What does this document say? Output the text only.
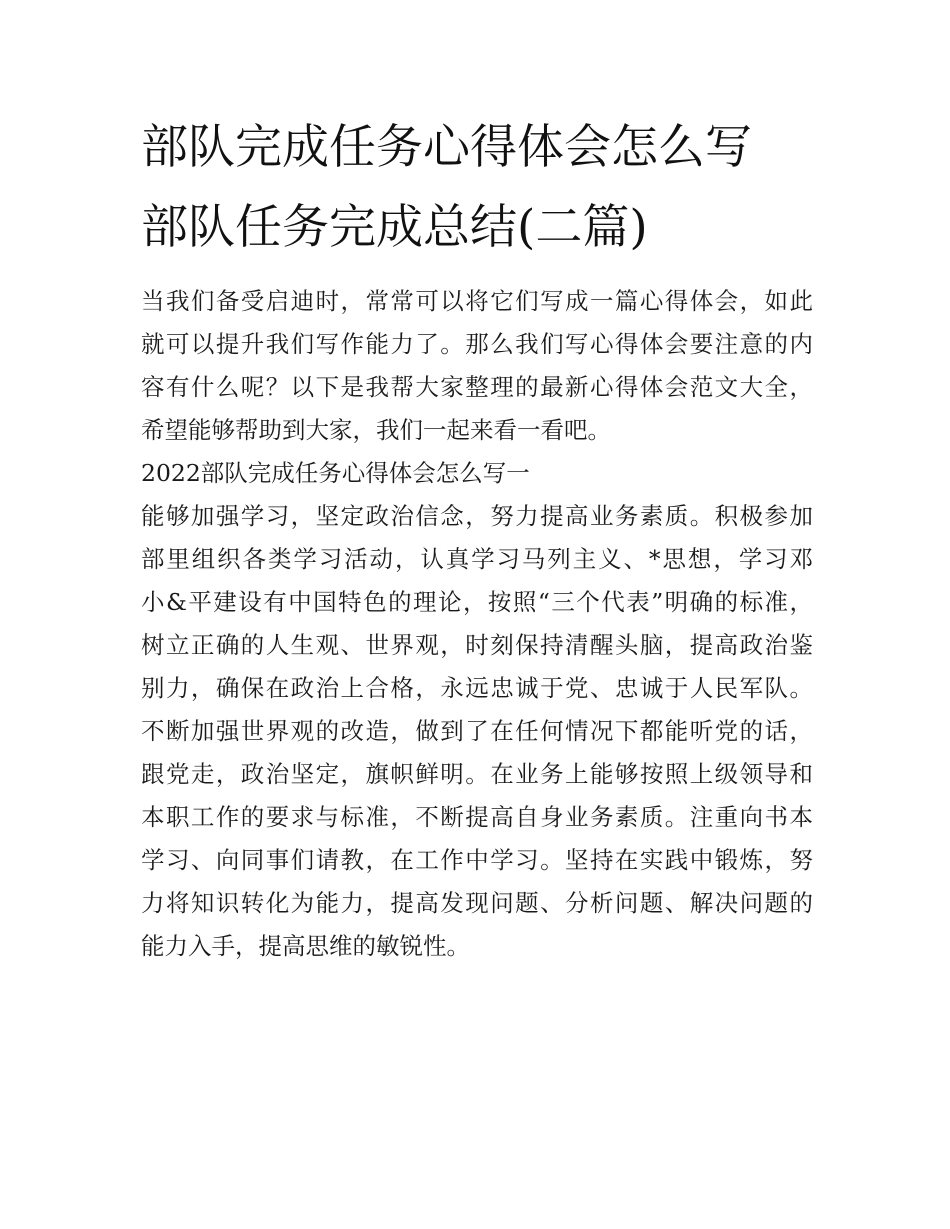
部队完成任务心得体会怎么写
部队任务完成总结(二篇)

当我们备受启迪时，常常可以将它们写成一篇心得体会，如此
就可以提升我们写作能力了。那么我们写心得体会要注意的内
容有什么呢？以下是我帮大家整理的最新心得体会范文大全，
希望能够帮助到大家，我们一起来看一看吧。

2022部队完成任务心得体会怎么写一

能够加强学习，坚定政治信念，努力提高业务素质。积极参加
部里组织各类学习活动，认真学习马列主义、*思想，学习邓
小&平建设有中国特色的理论，按照“三个代表”明确的标准，
树立正确的人生观、世界观，时刻保持清醒头脑，提高政治鉴
别力，确保在政治上合格，永远忠诚于党、忠诚于人民军队。
不断加强世界观的改造，做到了在任何情况下都能听党的话，
跟党走，政治坚定，旗帜鲜明。在业务上能够按照上级领导和
本职工作的要求与标准，不断提高自身业务素质。注重向书本
学习、向同事们请教，在工作中学习。坚持在实践中锻炼，努
力将知识转化为能力，提高发现问题、分析问题、解决问题的
能力入手，提高思维的敏锐性。
